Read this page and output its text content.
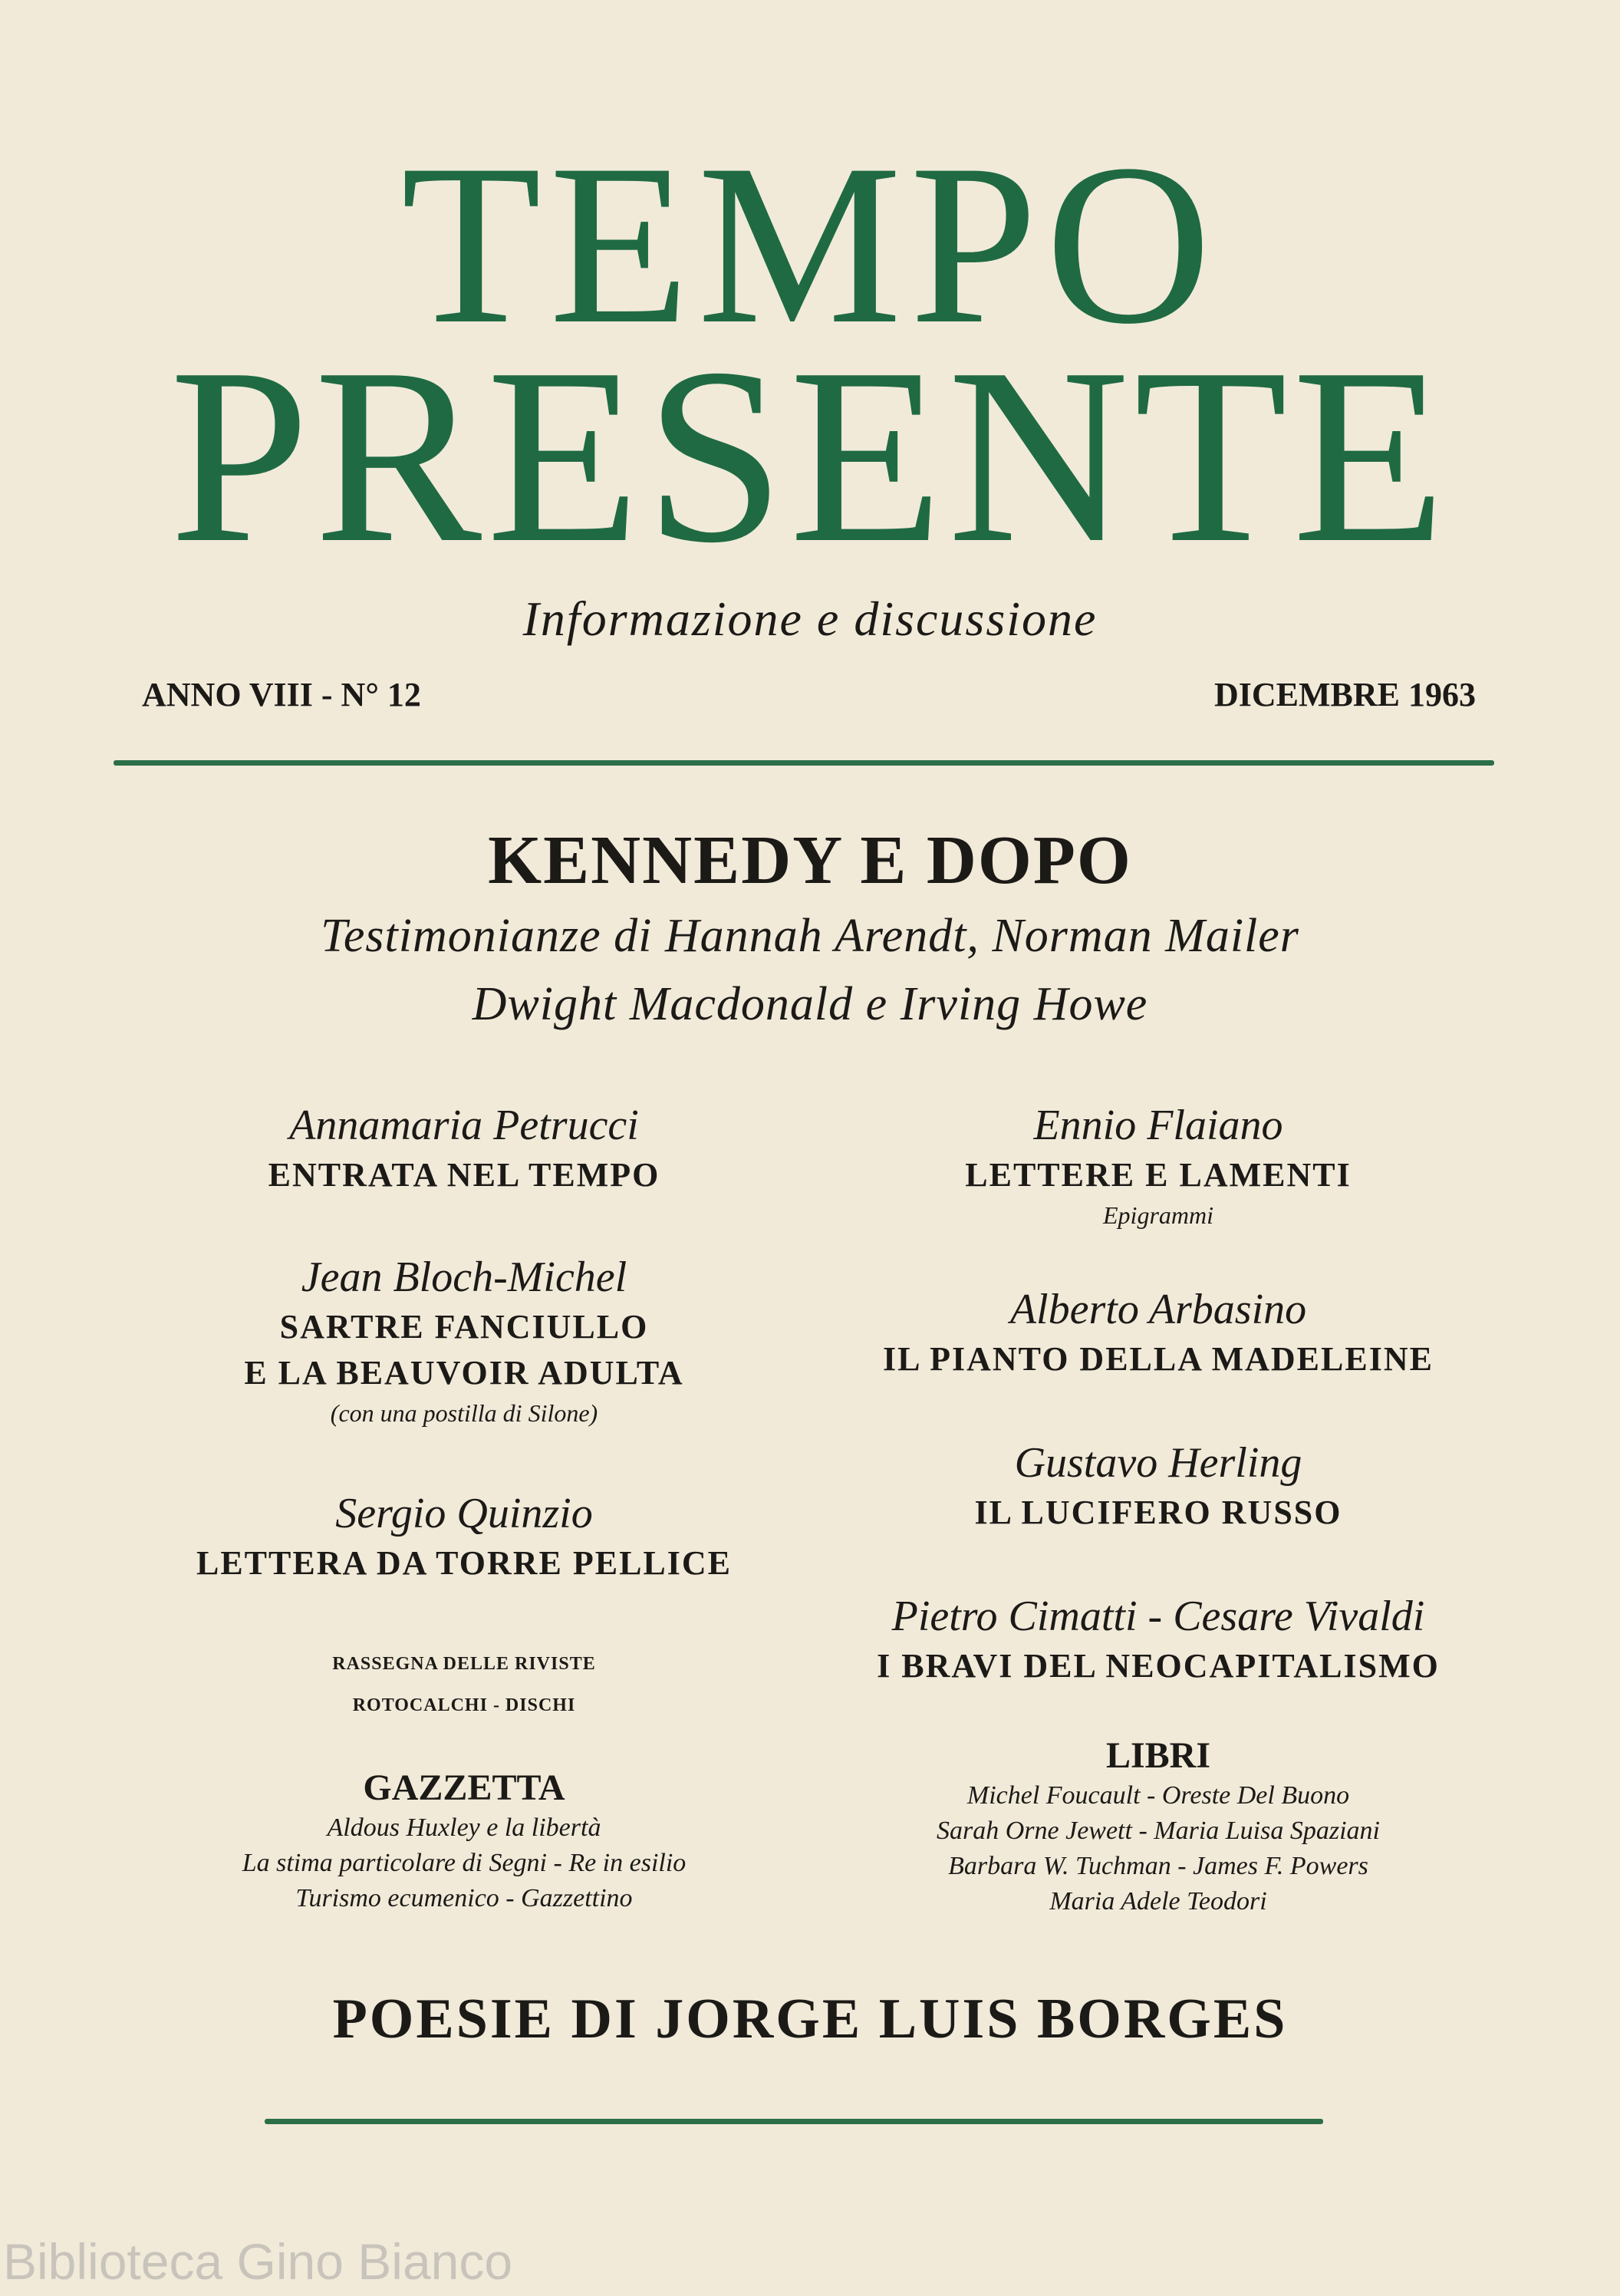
TEMPO
PRESENTE
Informazione e discussione
ANNO VIII - N° 12	DICEMBRE 1963
KENNEDY E DOPO
Testimonianze di Hannah Arendt, Norman Mailer
Dwight Macdonald e Irving Howe
Annamaria Petrucci
ENTRATA NEL TEMPO
Jean Bloch-Michel
SARTRE FANCIULLO
E LA BEAUVOIR ADULTA
(con una postilla di Silone)
Sergio Quinzio
LETTERA DA TORRE PELLICE
RASSEGNA DELLE RIVISTE
ROTOCALCHI - DISCHI
GAZZETTA
Aldous Huxley e la libertà
La stima particolare di Segni - Re in esilio
Turismo ecumenico - Gazzettino
Ennio Flaiano
LETTERE E LAMENTI
Epigrammi
Alberto Arbasino
IL PIANTO DELLA MADELEINE
Gustavo Herling
IL LUCIFERO RUSSO
Pietro Cimatti - Cesare Vivaldi
I BRAVI DEL NEOCAPITALISMO
LIBRI
Michel Foucault - Oreste Del Buono
Sarah Orne Jewett - Maria Luisa Spaziani
Barbara W. Tuchman - James F. Powers
Maria Adele Teodori
POESIE DI JORGE LUIS BORGES
Biblioteca Gino Bianco
